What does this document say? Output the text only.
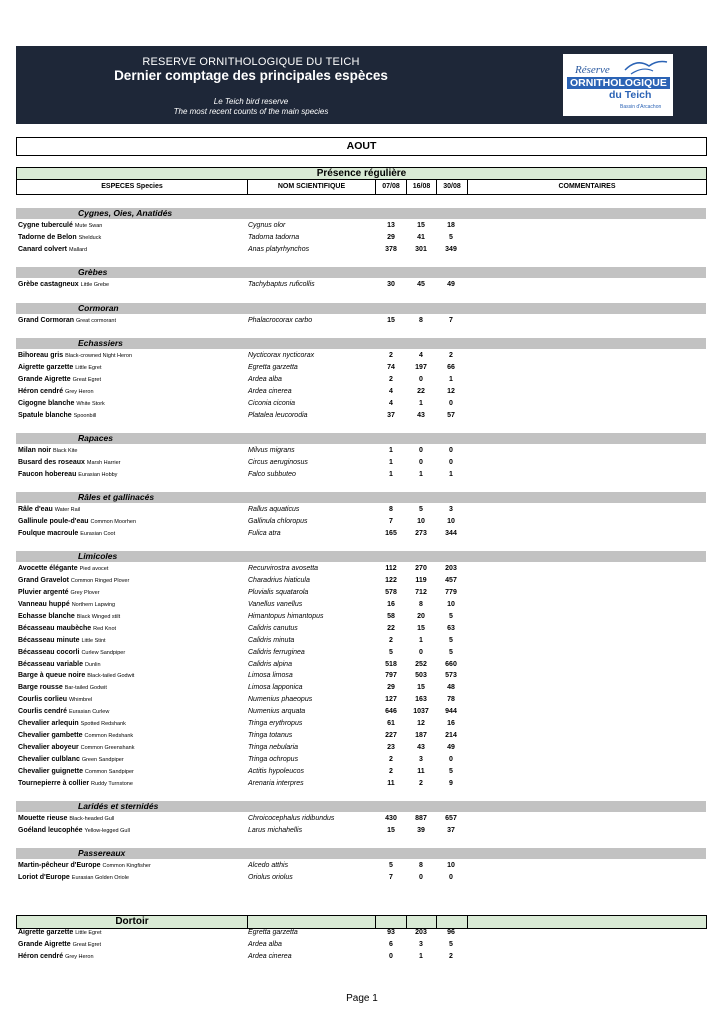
RESERVE ORNITHOLOGIQUE DU TEICH
Dernier comptage des principales espèces
Le Teich bird reserve
The most recent counts of the main species
Réserve
ORNITHOLOGIQUE
du Teich
Bassin d'Arcachon
AOUT
Présence régulière
ESPECES Species	NOM SCIENTIFIQUE	07/08	16/08	30/08	COMMENTAIRES
Cygnes, Oies, Anatidés
Cygne tuberculé Mute Swan	Cygnus olor	13	15	18
Tadorne de Belon Shelduck	Tadorna tadorna	29	41	5
Canard colvert Mallard	Anas platyrhynchos	378	301	349
Grèbes
Grèbe castagneux Little Grebe	Tachybaptus ruficollis	30	45	49
Cormoran
Grand Cormoran Great cormorant	Phalacrocorax carbo	15	8	7
Echassiers
Bihoreau gris Black-crowned Night Heron	Nycticorax nycticorax	2	4	2
Aigrette garzette Little Egret	Egretta garzetta	74	197	66
Grande Aigrette Great Egret	Ardea alba	2	0	1
Héron cendré Grey Heron	Ardea cinerea	4	22	12
Cigogne blanche White Stork	Ciconia ciconia	4	1	0
Spatule blanche Spoonbill	Platalea leucorodia	37	43	57
Rapaces
Milan noir Black Kite	Milvus migrans	1	0	0
Busard des roseaux Marsh Harrier	Circus aeruginosus	1	0	0
Faucon hobereau Eurasian Hobby	Falco subbuteo	1	1	1
Râles et gallinacés
Râle d'eau Water Rail	Rallus aquaticus	8	5	3
Gallinule poule-d'eau Common Moorhen	Gallinula chloropus	7	10	10
Foulque macroule Eurasian Coot	Fulica atra	165	273	344
Limicoles
Avocette élégante Pied avocet	Recurvirostra avosetta	112	270	203
Grand Gravelot Common Ringed Plover	Charadrius hiaticula	122	119	457
Pluvier argenté Grey Plover	Pluvialis squatarola	578	712	779
Vanneau huppé Northern Lapwing	Vanellus vanellus	16	8	10
Echasse blanche Black Winged stilt	Himantopus himantopus	58	20	5
Bécasseau maubèche Red Knot	Calidris canutus	22	15	63
Bécasseau minute Little Stint	Calidris minuta	2	1	5
Bécasseau cocorli Curlew Sandpiper	Calidris ferruginea	5	0	5
Bécasseau variable Dunlin	Calidris alpina	518	252	660
Barge à queue noire Black-tailed Godwit	Limosa limosa	797	503	573
Barge rousse Bar-tailed Godwit	Limosa lapponica	29	15	48
Courlis corlieu Whimbrel	Numenius phaeopus	127	163	78
Courlis cendré Eurasian Curlew	Numenius arquata	646	1037	944
Chevalier arlequin Spotted Redshank	Tringa erythropus	61	12	16
Chevalier gambette Common Redshank	Tringa totanus	227	187	214
Chevalier aboyeur Common Greenshank	Tringa nebularia	23	43	49
Chevalier culblanc Green Sandpiper	Tringa ochropus	2	3	0
Chevalier guignette Common Sandpiper	Actitis hypoleucos	2	11	5
Tournepierre à collier Ruddy Turnstone	Arenaria interpres	11	2	9
Laridés et sternidés
Mouette rieuse Black-headed Gull	Chroicocephalus ridibundus	430	887	657
Goéland leucophée Yellow-legged Gull	Larus michahellis	15	39	37
Passereaux
Martin-pêcheur d'Europe Common Kingfisher	Alcedo atthis	5	8	10
Loriot d'Europe Eurasian Golden Oriole	Oriolus oriolus	7	0	0
Dortoir
Aigrette garzette Little Egret	Egretta garzetta	93	203	96
Grande Aigrette Great Egret	Ardea alba	6	3	5
Héron cendré Grey Heron	Ardea cinerea	0	1	2
Page 1
